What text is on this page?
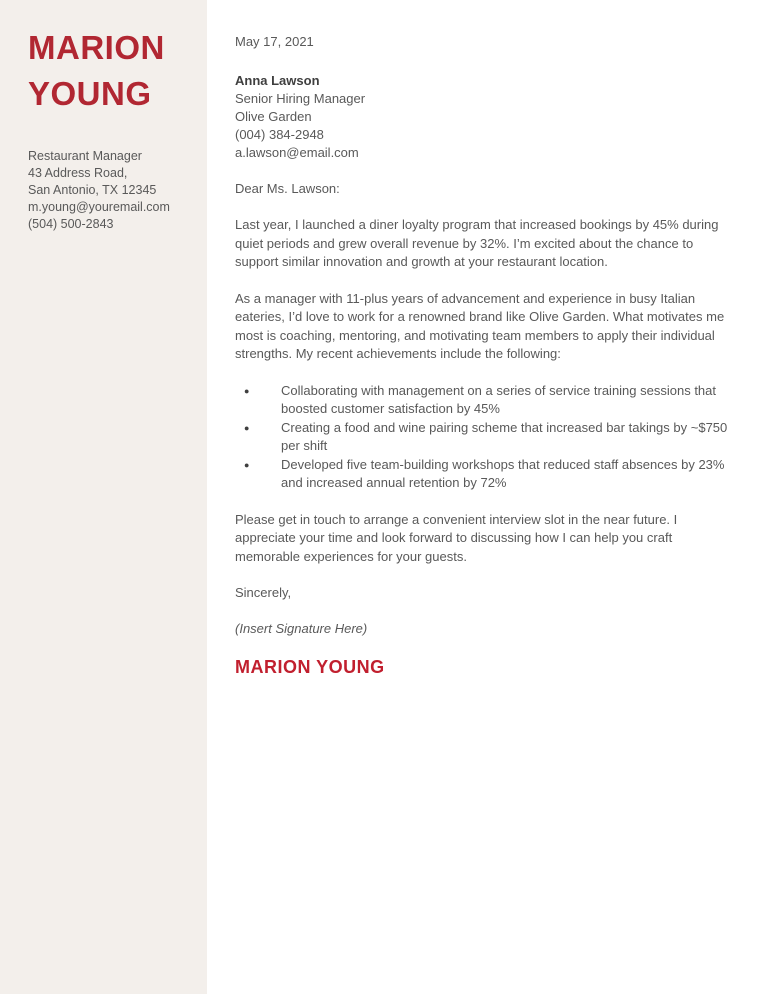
MARION
YOUNG
Restaurant Manager
43 Address Road,
San Antonio, TX 12345
m.young@youremail.com
(504) 500-2843
May 17, 2021
Anna Lawson
Senior Hiring Manager
Olive Garden
(004) 384-2948
a.lawson@email.com
Dear Ms. Lawson:

Last year, I launched a diner loyalty program that increased bookings by 45% during quiet periods and grew overall revenue by 32%. I’m excited about the chance to support similar innovation and growth at your restaurant location.

As a manager with 11-plus years of advancement and experience in busy Italian eateries, I’d love to work for a renowned brand like Olive Garden. What motivates me most is coaching, mentoring, and motivating team members to apply their individual strengths. My recent achievements include the following:

●	Collaborating with management on a series of service training sessions that boosted customer satisfaction by 45%
●	Creating a food and wine pairing scheme that increased bar takings by ~$750 per shift
●	Developed five team-building workshops that reduced staff absences by 23% and increased annual retention by 72%

Please get in touch to arrange a convenient interview slot in the near future. I appreciate your time and look forward to discussing how I can help you craft memorable experiences for your guests.

Sincerely,
(Insert Signature Here)
MARION YOUNG
